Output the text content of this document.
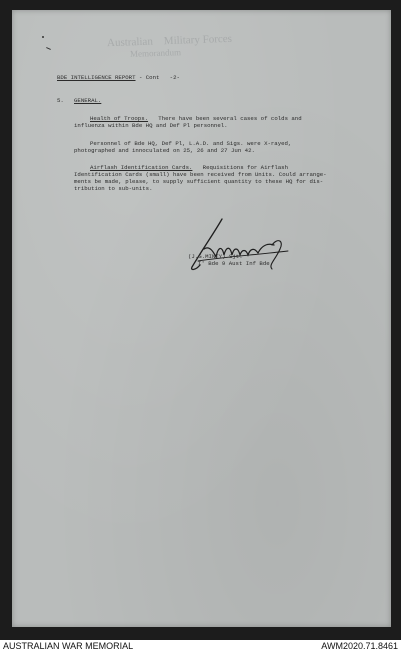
Australian    Military Forces
Memorandum
BDE INTELLIGENCE REPORT - Cont -2-
5. GENERAL.
Health of Troops. There have been several cases of colds and
influenza within Bde HQ and Def Pl personnel.
Personnel of Bde HQ, Def Pl, L.A.D. and Sigs. were X-rayed,
photographed and innoculated on 25, 26 and 27 Jun 42.
Airflash Identification Cards. Requisitions for Airflash
Identification Cards (small) have been received from Units. Could arrange-
ments be made, please, to supply sufficient quantity to these HQ for dis-
tribution to sub-units.
(J.G.MINTY) Sjt.
I' Bde 9 Aust Inf Bde
AUSTRALIAN WAR MEMORIAL	AWM2020.71.8461
